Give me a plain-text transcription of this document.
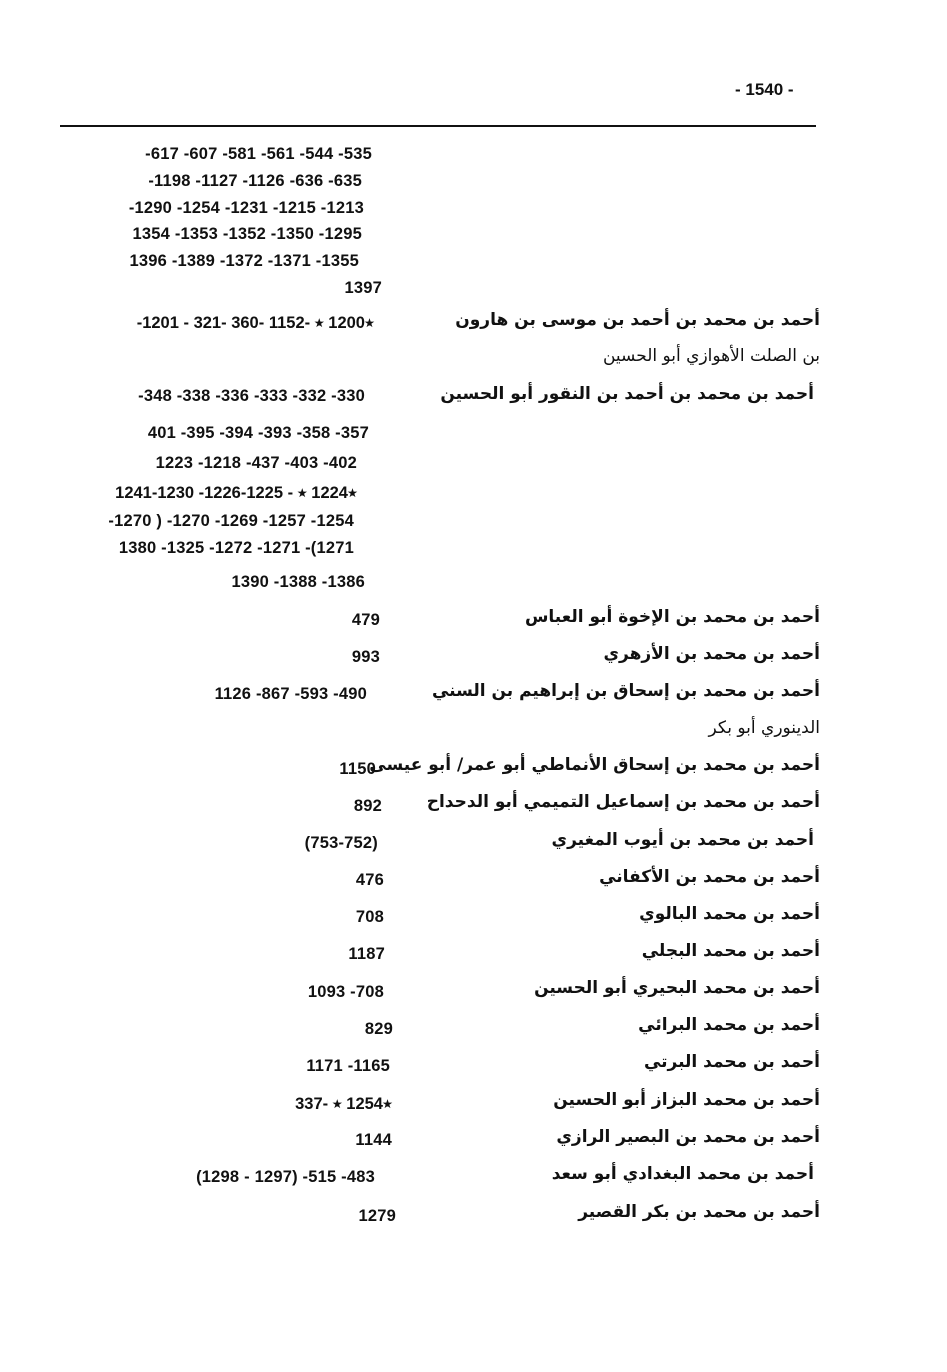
- 1540 -
-617 -607 -581 -561 -544 -535
-1198 -1127 -1126 -636 -635
-1290 -1254 -1231 -1215 -1213
1354 -1353 -1352 -1350 -1295
1396 -1389 -1372 -1371 -1355
1397
أحمد بن محمد بن أحمد بن موسى بن هارون
-1201 - ٭1200 ٭ -1152 -360 -321
بن الصلت الأهوازي أبو الحسين
أحمد بن محمد بن أحمد بن النقور أبو الحسين
-348 -338 -336 -333 -332 -330
401 -395 -394 -393 -358 -357
1223 -1218 -437 -403 -402
1241-1230 -1226-1225 - ٭1224 ٭
-1270 ) -1270 -1269 -1257 -1254
1380 -1325 -1272 -1271 -(1271
1390 -1388 -1386
أحمد بن محمد بن الإخوة أبو العباس
479
أحمد بن محمد بن الأزهري
993
أحمد بن محمد بن إسحاق بن إبراهيم بن السني
1126 -867 -593 -490
الدينوري أبو بكر
أحمد بن محمد بن إسحاق الأنماطي أبو عمر/ أبو عيسى
1150
أحمد بن محمد بن إسماعيل التميمي أبو الدحداح
892
أحمد بن محمد بن أيوب المغيري
(753-752)
أحمد بن محمد بن الأكفاني
476
أحمد بن محمد البالوي
708
أحمد بن محمد البجلي
1187
أحمد بن محمد البحيري أبو الحسين
1093 -708
أحمد بن محمد البرائي
829
أحمد بن محمد البرتي
1171 -1165
أحمد بن محمد البزاز أبو الحسين
٭1254 ٭ -337
أحمد بن محمد بن البصير الرازي
1144
أحمد بن محمد البغدادي أبو سعد
(1298 - 1297) -515 -483
أحمد بن محمد بن بكر القصير
1279
